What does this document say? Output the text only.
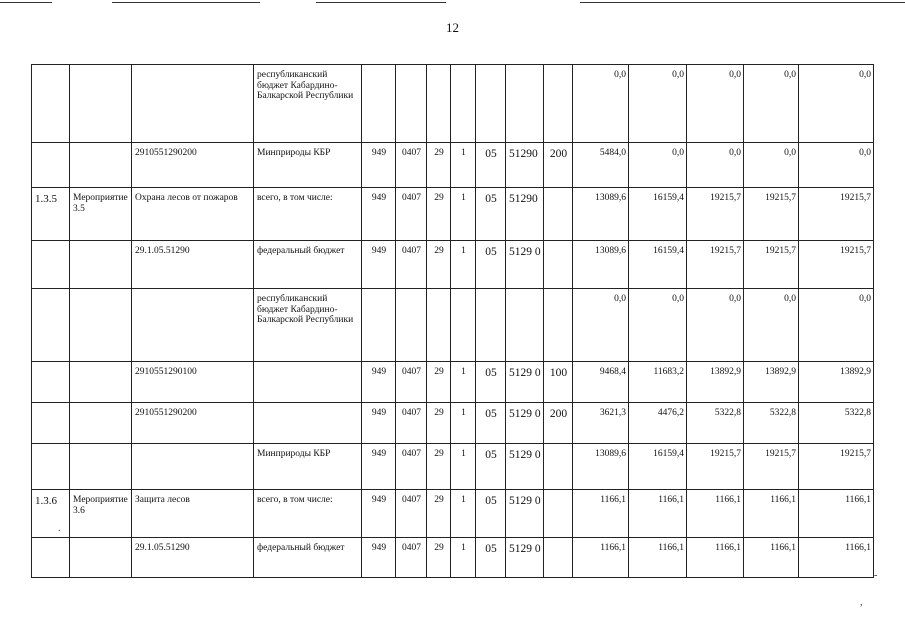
12
			республиканский бюджет Кабардино-Балкарской Республики								0,0	0,0	0,0	0,0	0,0
		2910551290200	Минприроды КБР	949	0407	29	1	05	51290	200	5484,0	0,0	0,0	0,0	0,0
1.3.5	Мероприятие 3.5	Охрана лесов от пожаров	всего, в том числе:	949	0407	29	1	05	51290		13089,6	16159,4	19215,7	19215,7	19215,7
		29.1.05.51290	федеральный бюджет	949	0407	29	1	05	5129 0		13089,6	16159,4	19215,7	19215,7	19215,7
			республиканский бюджет Кабардино-Балкарской Республики								0,0	0,0	0,0	0,0	0,0
		2910551290100		949	0407	29	1	05	5129 0	100	9468,4	11683,2	13892,9	13892,9	13892,9
		2910551290200		949	0407	29	1	05	5129 0	200	3621,3	4476,2	5322,8	5322,8	5322,8
			Минприроды КБР	949	0407	29	1	05	5129 0		13089,6	16159,4	19215,7	19215,7	19215,7
1.3.6	Мероприятие 3.6	Защита лесов	всего, в том числе:	949	0407	29	1	05	5129 0		1166,1	1166,1	1166,1	1166,1	1166,1
		29.1.05.51290	федеральный бюджет	949	0407	29	1	05	5129 0		1166,1	1166,1	1166,1	1166,1	1166,1
.
,
-
